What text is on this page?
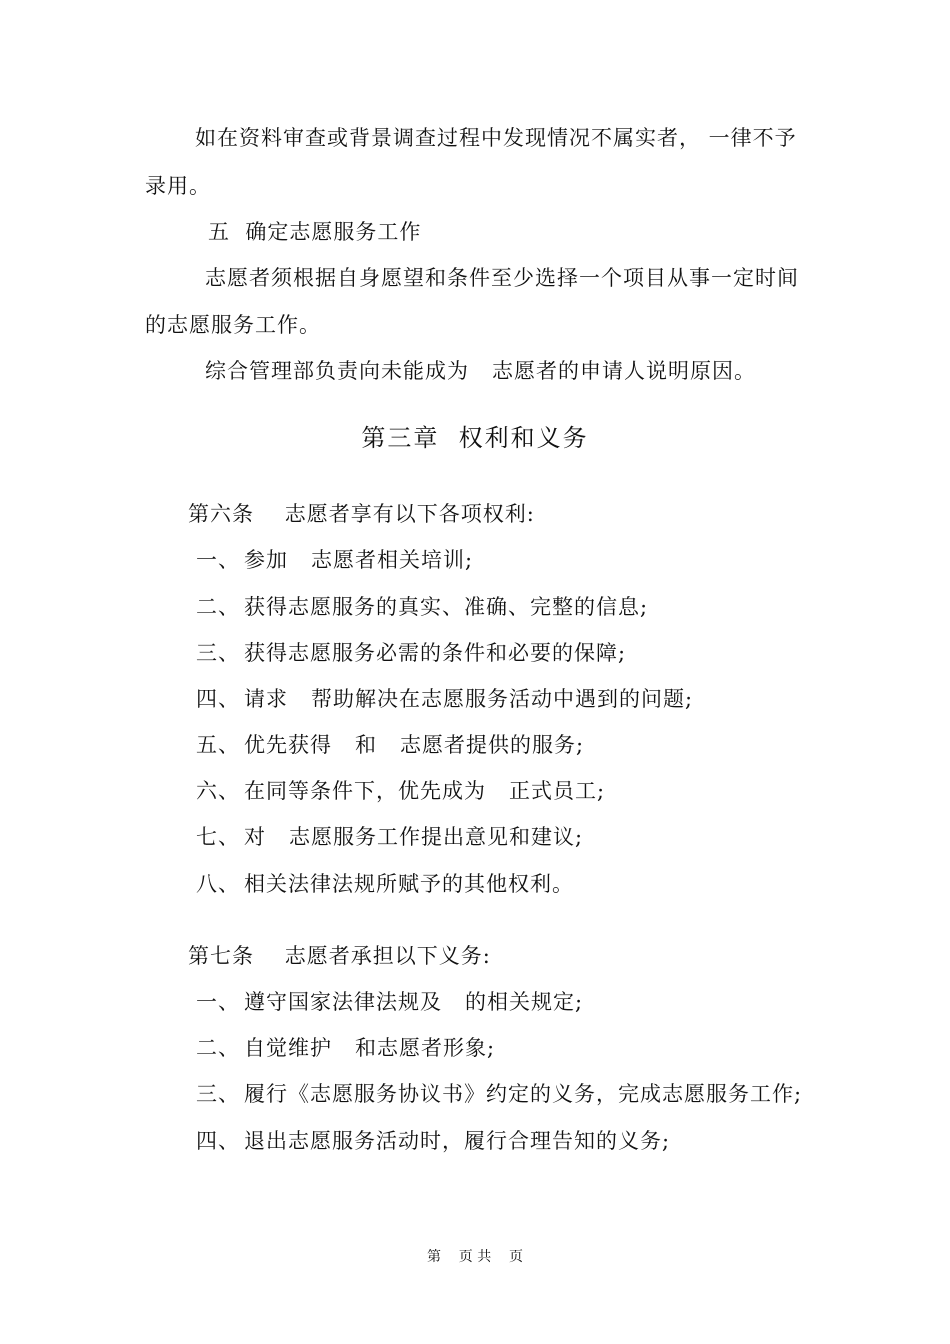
如在资料审查或背景调查过程中发现情况不属实者， 一律不予
录用。
五  确定志愿服务工作
志愿者须根据自身愿望和条件至少选择一个项目从事一定时间
的志愿服务工作。
综合管理部负责向未能成为   志愿者的申请人说明原因。
第三章  权利和义务
第六条    志愿者享有以下各项权利:
一、 参加   志愿者相关培训;
二、 获得志愿服务的真实、准确、完整的信息;
三、 获得志愿服务必需的条件和必要的保障;
四、 请求   帮助解决在志愿服务活动中遇到的问题;
五、 优先获得   和   志愿者提供的服务;
六、 在同等条件下，优先成为   正式员工;
七、 对   志愿服务工作提出意见和建议;
八、 相关法律法规所赋予的其他权利。
第七条    志愿者承担以下义务:
一、 遵守国家法律法规及   的相关规定;
二、 自觉维护   和志愿者形象;
三、 履行《志愿服务协议书》约定的义务，完成志愿服务工作;
四、 退出志愿服务活动时，履行合理告知的义务;
第    页 共    页
